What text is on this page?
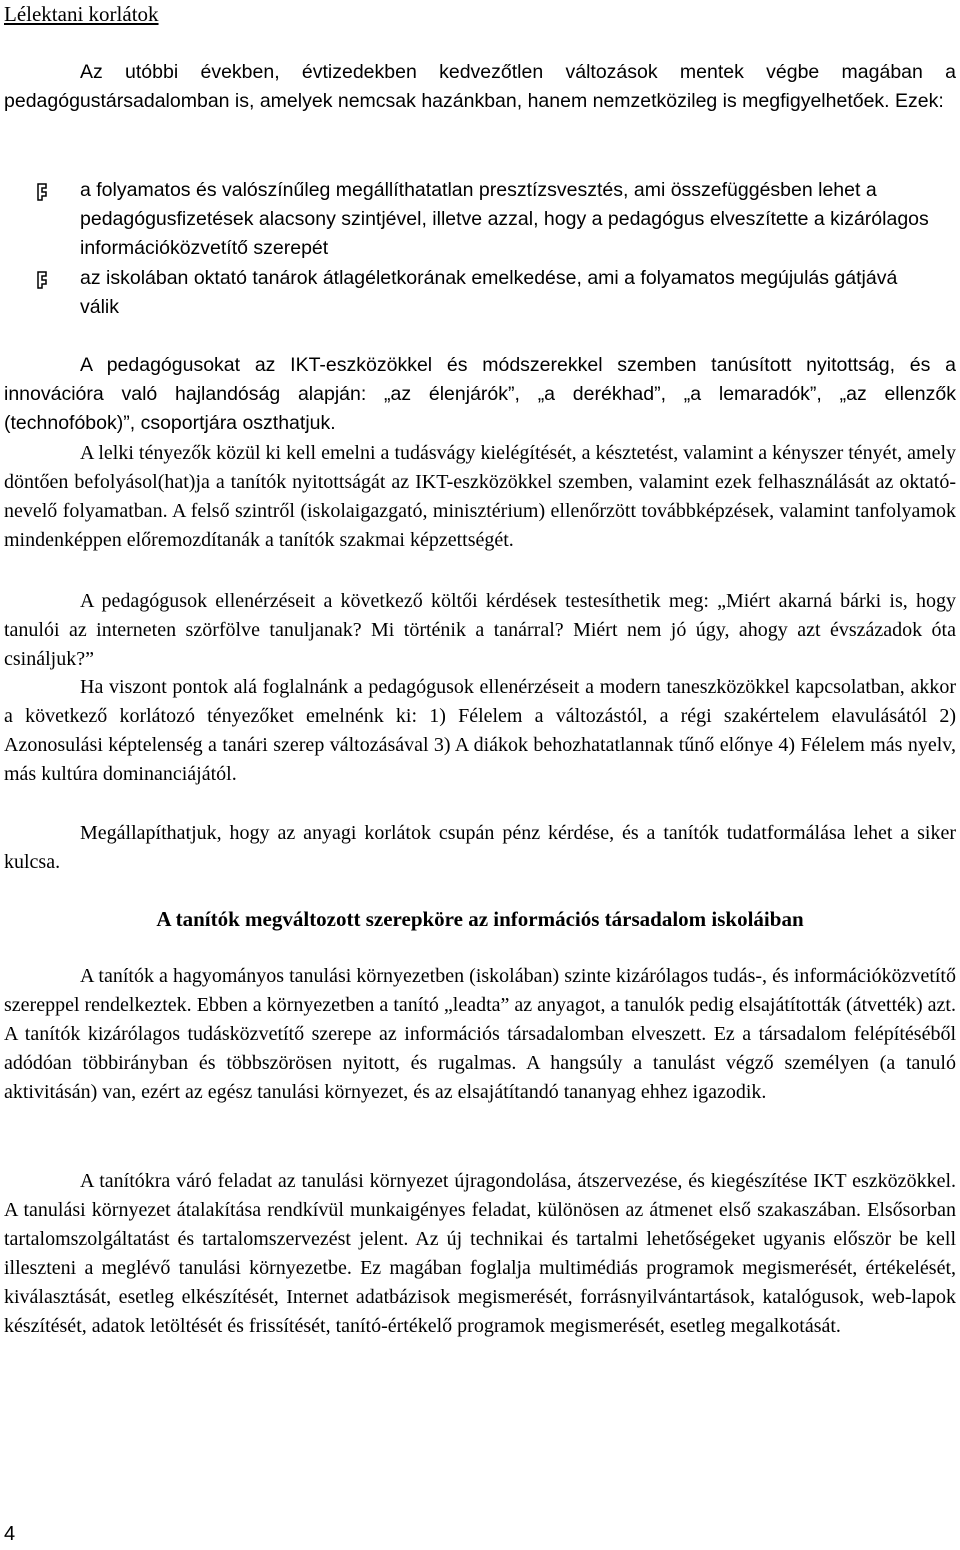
Lélektani korlátok

Az utóbbi években, évtizedekben kedvezőtlen változások mentek végbe magában a pedagógustársadalomban is, amelyek nemcsak hazánkban, hanem nemzetközileg is megfigyelhetőek. Ezek:

a folyamatos és valószínűleg megállíthatatlan presztízsvesztés, ami összefüggésben lehet a pedagógusfizetések alacsony szintjével, illetve azzal, hogy a pedagógus elveszítette a kizárólagos információközvetítő szerepét
az iskolában oktató tanárok átlagéletkorának emelkedése, ami a folyamatos megújulás gátjává válik

A pedagógusokat az IKT-eszközökkel és módszerekkel szemben tanúsított nyitottság, és a innovációra való hajlandóság alapján: „az élenjárók”, „a derékhad”, „a lemaradók”, „az ellenzők (technofóbok)”, csoportjára oszthatjuk.

A lelki tényezők közül ki kell emelni a tudásvágy kielégítését, a késztetést, valamint a kényszer tényét, amely döntően befolyásol(hat)ja a tanítók nyitottságát az IKT-eszközökkel szemben, valamint ezek felhasználását az oktató-nevelő folyamatban. A felső szintről (iskolaigazgató, minisztérium) ellenőrzött továbbképzések, valamint tanfolyamok mindenképpen előremozdítanák a tanítók szakmai képzettségét.

A pedagógusok ellenérzéseit a következő költői kérdések testesíthetik meg: „Miért akarná bárki is, hogy tanulói az interneten szörfölve tanuljanak? Mi történik a tanárral? Miért nem jó úgy, ahogy azt évszázadok óta csináljuk?”

Ha viszont pontok alá foglalnánk a pedagógusok ellenérzéseit a modern taneszközökkel kapcsolatban, akkor a következő korlátozó tényezőket emelnénk ki: 1) Félelem a változástól, a régi szakértelem elavulásától 2) Azonosulási képtelenség a tanári szerep változásával 3) A diákok behozhatatlannak tűnő előnye 4) Félelem más nyelv, más kultúra dominanciájától.

Megállapíthatjuk, hogy az anyagi korlátok csupán pénz kérdése, és a tanítók tudatformálása lehet a siker kulcsa.

A tanítók megváltozott szerepköre az információs társadalom iskoláiban

A tanítók a hagyományos tanulási környezetben (iskolában) szinte kizárólagos tudás-, és információközvetítő szereppel rendelkeztek. Ebben a környezetben a tanító „leadta” az anyagot, a tanulók pedig elsajátították (átvették) azt. A tanítók kizárólagos tudásközvetítő szerepe az információs társadalomban elveszett. Ez a társadalom felépítéséből adódóan többirányban és többszörösen nyitott, és rugalmas. A hangsúly a tanulást végző személyen (a tanuló aktivitásán) van, ezért az egész tanulási környezet, és az elsajátítandó tananyag ehhez igazodik.

A tanítókra váró feladat az tanulási környezet újragondolása, átszervezése, és kiegészítése IKT eszközökkel. A tanulási környezet átalakítása rendkívül munkaigényes feladat, különösen az átmenet első szakaszában. Elsősorban tartalomszolgáltatást és tartalomszervezést jelent. Az új technikai és tartalmi lehetőségeket ugyanis először be kell illeszteni a meglévő tanulási környezetbe. Ez magában foglalja multimédiás programok megismerését, értékelését, kiválasztását, esetleg elkészítését, Internet adatbázisok megismerését, forrásnyilvántartások, katalógusok, web-lapok készítését, adatok letöltését és frissítését, tanító-értékelő programok megismerését, esetleg megalkotását.

4
